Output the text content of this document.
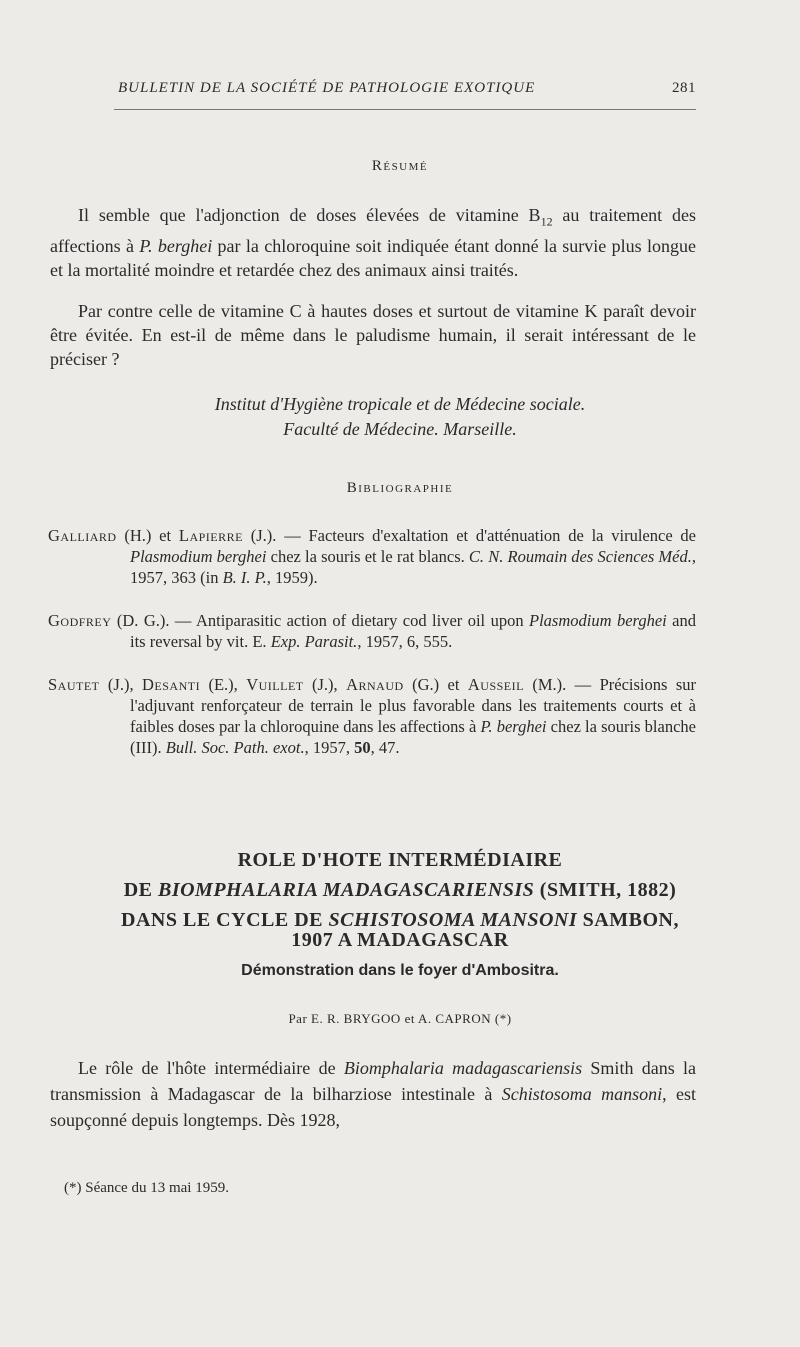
BULLETIN DE LA SOCIÉTÉ DE PATHOLOGIE EXOTIQUE	281
Résumé
Il semble que l'adjonction de doses élevées de vitamine $B_{12}$ au traitement des affections à P. berghei par la chloroquine soit indiquée étant donné la survie plus longue et la mortalité moindre et retardée chez des animaux ainsi traités.
Par contre celle de vitamine C à hautes doses et surtout de vitamine K paraît devoir être évitée. En est-il de même dans le paludisme humain, il serait intéressant de le préciser ?
Institut d'Hygiène tropicale et de Médecine sociale.
Faculté de Médecine. Marseille.
Bibliographie
Galliard (H.) et Lapierre (J.). — Facteurs d'exaltation et d'atténuation de la virulence de Plasmodium berghei chez la souris et le rat blancs. C. N. Roumain des Sciences Méd., 1957, 363 (in B. I. P., 1959).
Godfrey (D. G.). — Antiparasitic action of dietary cod liver oil upon Plasmodium berghei and its reversal by vit. E. Exp. Parasit., 1957, 6, 555.
Sautet (J.), Desanti (E.), Vuillet (J.), Arnaud (G.) et Ausseil (M.). — Précisions sur l'adjuvant renforçateur de terrain le plus favorable dans les traitements courts et à faibles doses par la chloroquine dans les affections à P. berghei chez la souris blanche (III). Bull. Soc. Path. exot., 1957, 50, 47.
ROLE D'HOTE INTERMÉDIAIRE
DE BIOMPHALARIA MADAGASCARIENSIS (SMITH, 1882)
DANS LE CYCLE DE SCHISTOSOMA MANSONI SAMBON,
1907 A MADAGASCAR
Démonstration dans le foyer d'Ambositra.
Par E. R. BRYGOO et A. CAPRON (*)
Le rôle de l'hôte intermédiaire de Biomphalaria madagascariensis Smith dans la transmission à Madagascar de la bilharziose intestinale à Schistosoma mansoni, est soupçonné depuis longtemps. Dès 1928,
(*) Séance du 13 mai 1959.
